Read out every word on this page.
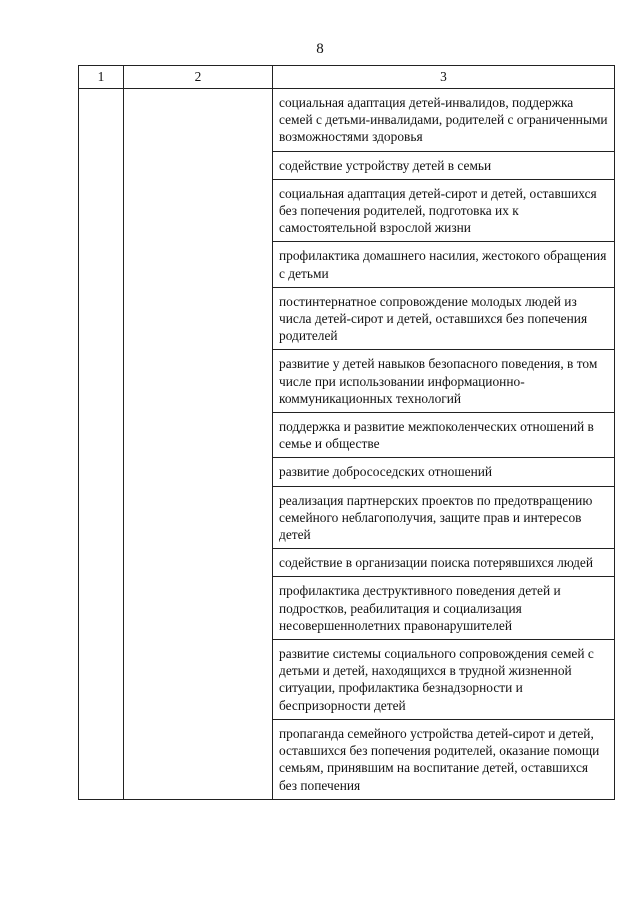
8
1	2	3
		социальная адаптация детей-инвалидов, поддержка семей с детьми-инвалидами, родителей с ограниченными возможностями здоровья
		содействие устройству детей в семьи
		социальная адаптация детей-сирот и детей, оставшихся без попечения родителей, подготовка их к самостоятельной взрослой жизни
		профилактика домашнего насилия, жестокого обращения с детьми
		постинтернатное сопровождение молодых людей из числа детей-сирот и детей, оставшихся без попечения родителей
		развитие у детей навыков безопасного поведения, в том числе при использовании информационно-коммуникационных технологий
		поддержка и развитие межпоколенческих отношений в семье и обществе
		развитие добрососедских отношений
		реализация партнерских проектов по предотвращению семейного неблагополучия, защите прав и интересов детей
		содействие в организации поиска потерявшихся людей
		профилактика деструктивного поведения детей и подростков, реабилитация и социализация несовершеннолетних правонарушителей
		развитие системы социального сопровождения семей с детьми и детей, находящихся в трудной жизненной ситуации, профилактика безнадзорности и беспризорности детей
		пропаганда семейного устройства детей-сирот и детей, оставшихся без попечения родителей, оказание помощи семьям, принявшим на воспитание детей, оставшихся без попечения
